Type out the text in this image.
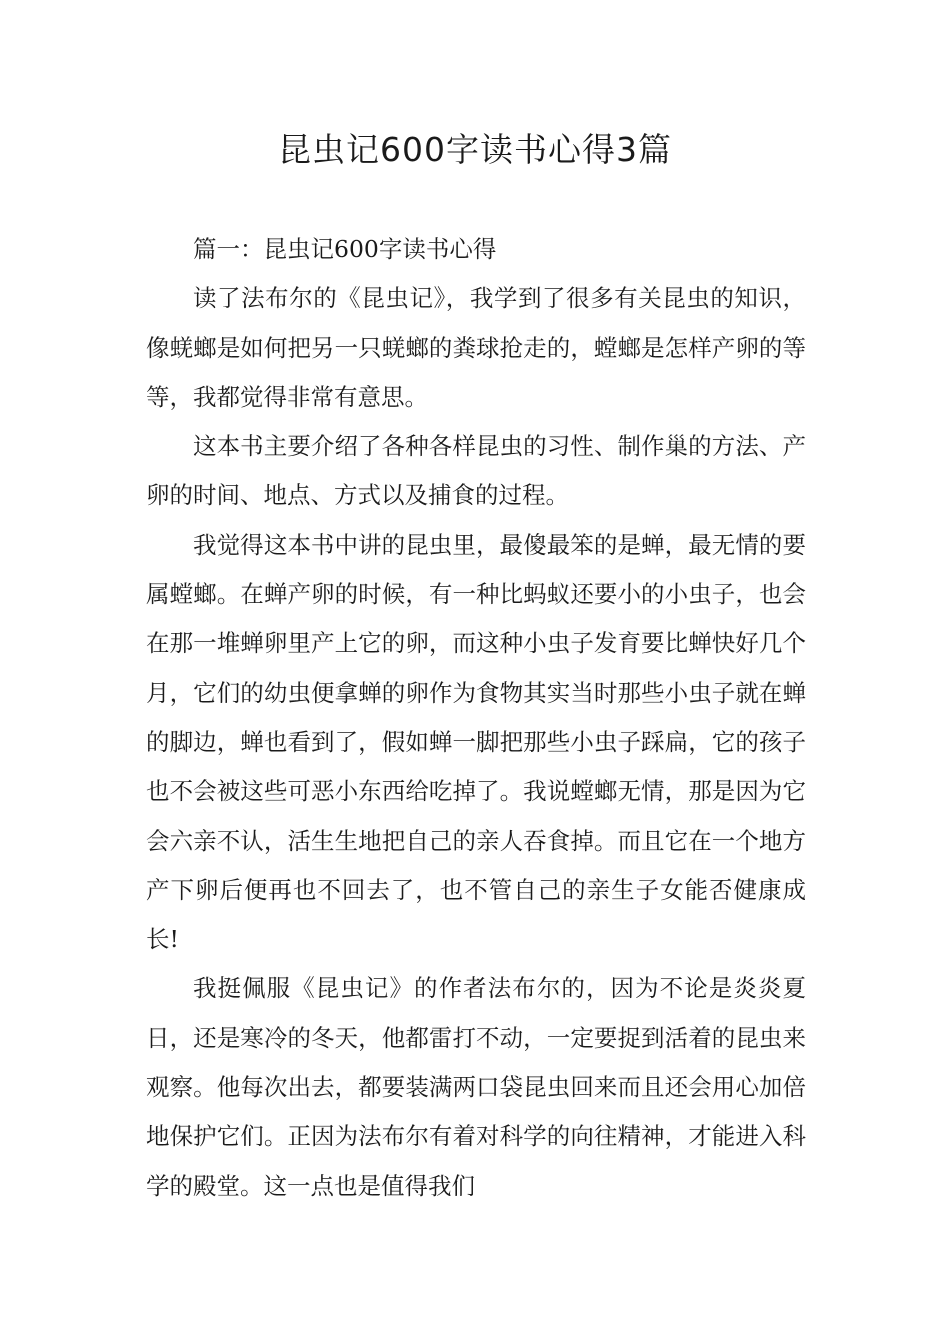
昆虫记600字读书心得3篇

篇一：昆虫记600字读书心得

读了法布尔的《昆虫记》，我学到了很多有关昆虫的知识，像蜣螂是如何把另一只蜣螂的粪球抢走的，螳螂是怎样产卵的等等，我都觉得非常有意思。

这本书主要介绍了各种各样昆虫的习性、制作巢的方法、产卵的时间、地点、方式以及捕食的过程。

我觉得这本书中讲的昆虫里，最傻最笨的是蝉，最无情的要属螳螂。在蝉产卵的时候，有一种比蚂蚁还要小的小虫子，也会在那一堆蝉卵里产上它的卵，而这种小虫子发育要比蝉快好几个月，它们的幼虫便拿蝉的卵作为食物其实当时那些小虫子就在蝉的脚边，蝉也看到了，假如蝉一脚把那些小虫子踩扁，它的孩子也不会被这些可恶小东西给吃掉了。我说螳螂无情，那是因为它会六亲不认，活生生地把自己的亲人吞食掉。而且它在一个地方产下卵后便再也不回去了，也不管自己的亲生子女能否健康成长!

我挺佩服《昆虫记》的作者法布尔的，因为不论是炎炎夏日，还是寒冷的冬天，他都雷打不动，一定要捉到活着的昆虫来观察。他每次出去，都要装满两口袋昆虫回来而且还会用心加倍地保护它们。正因为法布尔有着对科学的向往精神，才能进入科学的殿堂。这一点也是值得我们
